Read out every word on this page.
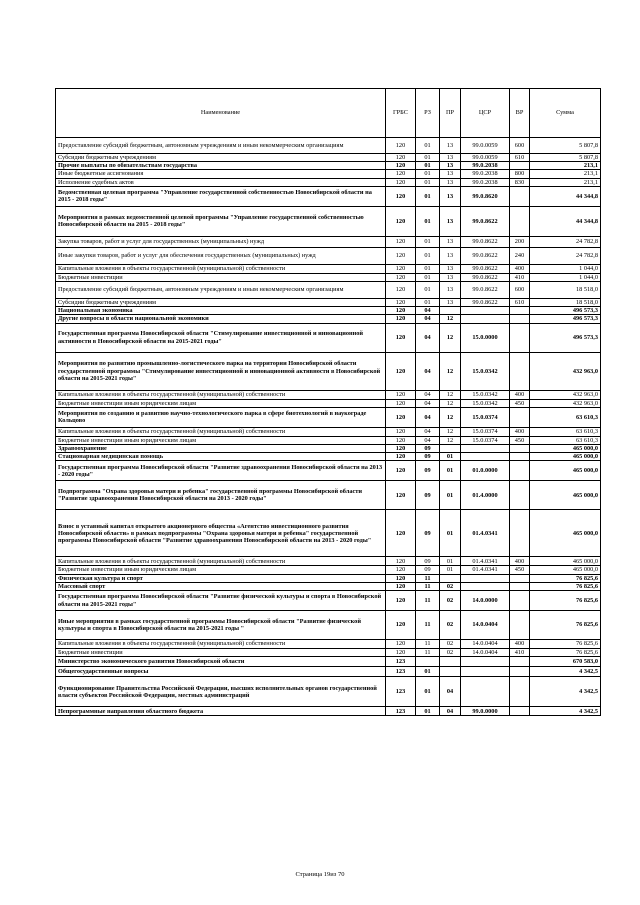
Наименование	ГРБС	РЗ	ПР	ЦСР	ВР	Сумма
Предоставление субсидий бюджетным, автономным учреждениям и иным некоммерческим организациям	120	01	13	99.0.0059	600	5 807,8
Субсидии бюджетным учреждениям	120	01	13	99.0.0059	610	5 807,8
Прочие выплаты по обязательствам государства	120	01	13	99.0.2038		213,1
Иные бюджетные ассигнования	120	01	13	99.0.2038	800	213,1
Исполнение судебных актов	120	01	13	99.0.2038	830	213,1
Ведомственная целевая программа "Управление государственной собственностью Новосибирской области на 2015 - 2018 годы"	120	01	13	99.0.8620		44 344,8
Мероприятия в рамках ведомственной целевой программы "Управление государственной собственностью Новосибирской области на 2015 - 2018 годы"	120	01	13	99.0.8622		44 344,8
Закупка товаров, работ и услуг для государственных (муниципальных) нужд	120	01	13	99.0.8622	200	24 782,8
Иные закупки товаров, работ и услуг для обеспечения государственных (муниципальных) нужд	120	01	13	99.0.8622	240	24 782,8
Капитальные вложения в объекты государственной (муниципальной) собственности	120	01	13	99.0.8622	400	1 044,0
Бюджетные инвестиции	120	01	13	99.0.8622	410	1 044,0
Предоставление субсидий бюджетным, автономным учреждениям и иным некоммерческим организациям	120	01	13	99.0.8622	600	18 518,0
Субсидии бюджетным учреждениям	120	01	13	99.0.8622	610	18 518,0
Национальная экономика	120	04				496 573,3
Другие вопросы в области национальной экономики	120	04	12			496 573,3
Государственная программа Новосибирской области "Стимулирование инвестиционной и инновационной активности в Новосибирской области на 2015-2021 годы"	120	04	12	15.0.0000		496 573,3
Мероприятия по развитию промышленно-логистического парка на территории Новосибирской области государственной программы "Стимулирование инвестиционной и инновационной активности в Новосибирской области на 2015-2021 годы"	120	04	12	15.0.0342		432 963,0
Капитальные вложения в объекты государственной (муниципальной) собственности	120	04	12	15.0.0342	400	432 963,0
Бюджетные инвестиции иным юридическим лицам	120	04	12	15.0.0342	450	432 963,0
Мероприятия по созданию и развитию научно-технологического парка в сфере биотехнологий в наукограде Кольцово	120	04	12	15.0.0374		63 610,3
Капитальные вложения в объекты государственной (муниципальной) собственности	120	04	12	15.0.0374	400	63 610,3
Бюджетные инвестиции иным юридическим лицам	120	04	12	15.0.0374	450	63 610,3
Здравоохранение	120	09				465 000,0
Стационарная медицинская помощь	120	09	01			465 000,0
Государственная программа Новосибирской области "Развитие здравоохранения Новосибирской области на 2013 - 2020 годы"	120	09	01	01.0.0000		465 000,0
Подпрограмма "Охрана здоровья матери и ребенка" государственной программы Новосибирской области "Развитие здравоохранения Новосибирской области на 2013 - 2020 годы"	120	09	01	01.4.0000		465 000,0
Взнос в уставный капитал открытого акционерного общества «Агентство инвестиционного развития Новосибирской области» в рамках подпрограммы "Охрана здоровья матери и ребенка" государственной программы Новосибирской области "Развитие здравоохранения Новосибирской области на 2013 - 2020 годы"	120	09	01	01.4.0341		465 000,0
Капитальные вложения в объекты государственной (муниципальной) собственности	120	09	01	01.4.0341	400	465 000,0
Бюджетные инвестиции иным юридическим лицам	120	09	01	01.4.0341	450	465 000,0
Физическая культура и спорт	120	11				76 825,6
Массовый спорт	120	11	02			76 825,6
Государственная программа Новосибирской области "Развитие физической культуры и спорта в Новосибирской области на 2015-2021 годы"	120	11	02	14.0.0000		76 825,6
Иные мероприятия в рамках государственной программы Новосибирской области "Развитие физической культуры и спорта в Новосибирской области на 2015-2021 годы "	120	11	02	14.0.0404		76 825,6
Капитальные вложения в объекты государственной (муниципальной) собственности	120	11	02	14.0.0404	400	76 825,6
Бюджетные инвестиции	120	11	02	14.0.0404	410	76 825,6
Министерство экономического развития Новосибирской области	123					670 583,0
Общегосударственные вопросы	123	01				4 342,5
Функционирование Правительства Российской Федерации, высших исполнительных органов государственной власти субъектов Российской Федерации, местных администраций	123	01	04			4 342,5
Непрограммные направления областного бюджета	123	01	04	99.0.0000		4 342,5
Страница 19из 70
